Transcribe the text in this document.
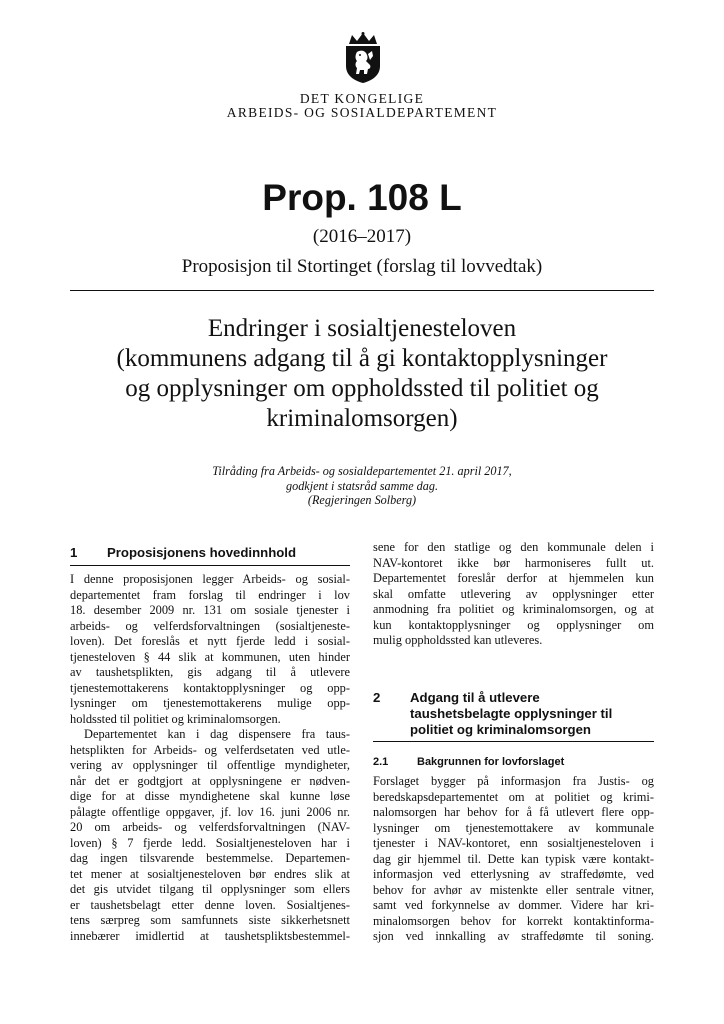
DET KONGELIGE
ARBEIDS- OG SOSIALDEPARTEMENT
Prop. 108 L
(2016–2017)
Proposisjon til Stortinget (forslag til lovvedtak)
Endringer i sosialtjenesteloven
(kommunens adgang til å gi kontaktopplysninger
og opplysninger om oppholdssted til politiet og
kriminalomsorgen)
Tilråding fra Arbeids- og sosialdepartementet 21. april 2017,
godkjent i statsråd samme dag.
(Regjeringen Solberg)
1 Proposisjonens hovedinnhold
I denne proposisjonen legger Arbeids- og sosial-
departementet fram forslag til endringer i lov
18. desember 2009 nr. 131 om sosiale tjenester i
arbeids- og velferdsforvaltningen (sosialtjeneste-
loven). Det foreslås et nytt fjerde ledd i sosial-
tjenesteloven § 44 slik at kommunen, uten hinder
av taushetsplikten, gis adgang til å utlevere
tjenestemottakerens kontaktopplysninger og opp-
lysninger om tjenestemottakerens mulige opp-
holdssted til politiet og kriminalomsorgen.
Departementet kan i dag dispensere fra taus-
hetsplikten for Arbeids- og velferdsetaten ved utle-
vering av opplysninger til offentlige myndigheter,
når det er godtgjort at opplysningene er nødven-
dige for at disse myndighetene skal kunne løse
pålagte offentlige oppgaver, jf. lov 16. juni 2006 nr.
20 om arbeids- og velferdsforvaltningen (NAV-
loven) § 7 fjerde ledd. Sosialtjenesteloven har i
dag ingen tilsvarende bestemmelse. Departemen-
tet mener at sosialtjenesteloven bør endres slik at
det gis utvidet tilgang til opplysninger som ellers
er taushetsbelagt etter denne loven. Sosialtjenes-
tens særpreg som samfunnets siste sikkerhetsnett
innebærer imidlertid at taushetspliktsbestemmel-
sene for den statlige og den kommunale delen i
NAV-kontoret ikke bør harmoniseres fullt ut.
Departementet foreslår derfor at hjemmelen kun
skal omfatte utlevering av opplysninger etter
anmodning fra politiet og kriminalomsorgen, og at
kun kontaktopplysninger og opplysninger om
mulig oppholdssted kan utleveres.
2 Adgang til å utlevere
taushetsbelagte opplysninger til
politiet og kriminalomsorgen
2.1	Bakgrunnen for lovforslaget
Forslaget bygger på informasjon fra Justis- og
beredskapsdepartementet om at politiet og krimi-
nalomsorgen har behov for å få utlevert flere opp-
lysninger om tjenestemottakere av kommunale
tjenester i NAV-kontoret, enn sosialtjenesteloven i
dag gir hjemmel til. Dette kan typisk være kontakt-
informasjon ved etterlysning av straffedømte, ved
behov for avhør av mistenkte eller sentrale vitner,
samt ved forkynnelse av dommer. Videre har kri-
minalomsorgen behov for korrekt kontaktinforma-
sjon ved innkalling av straffedømte til soning.
